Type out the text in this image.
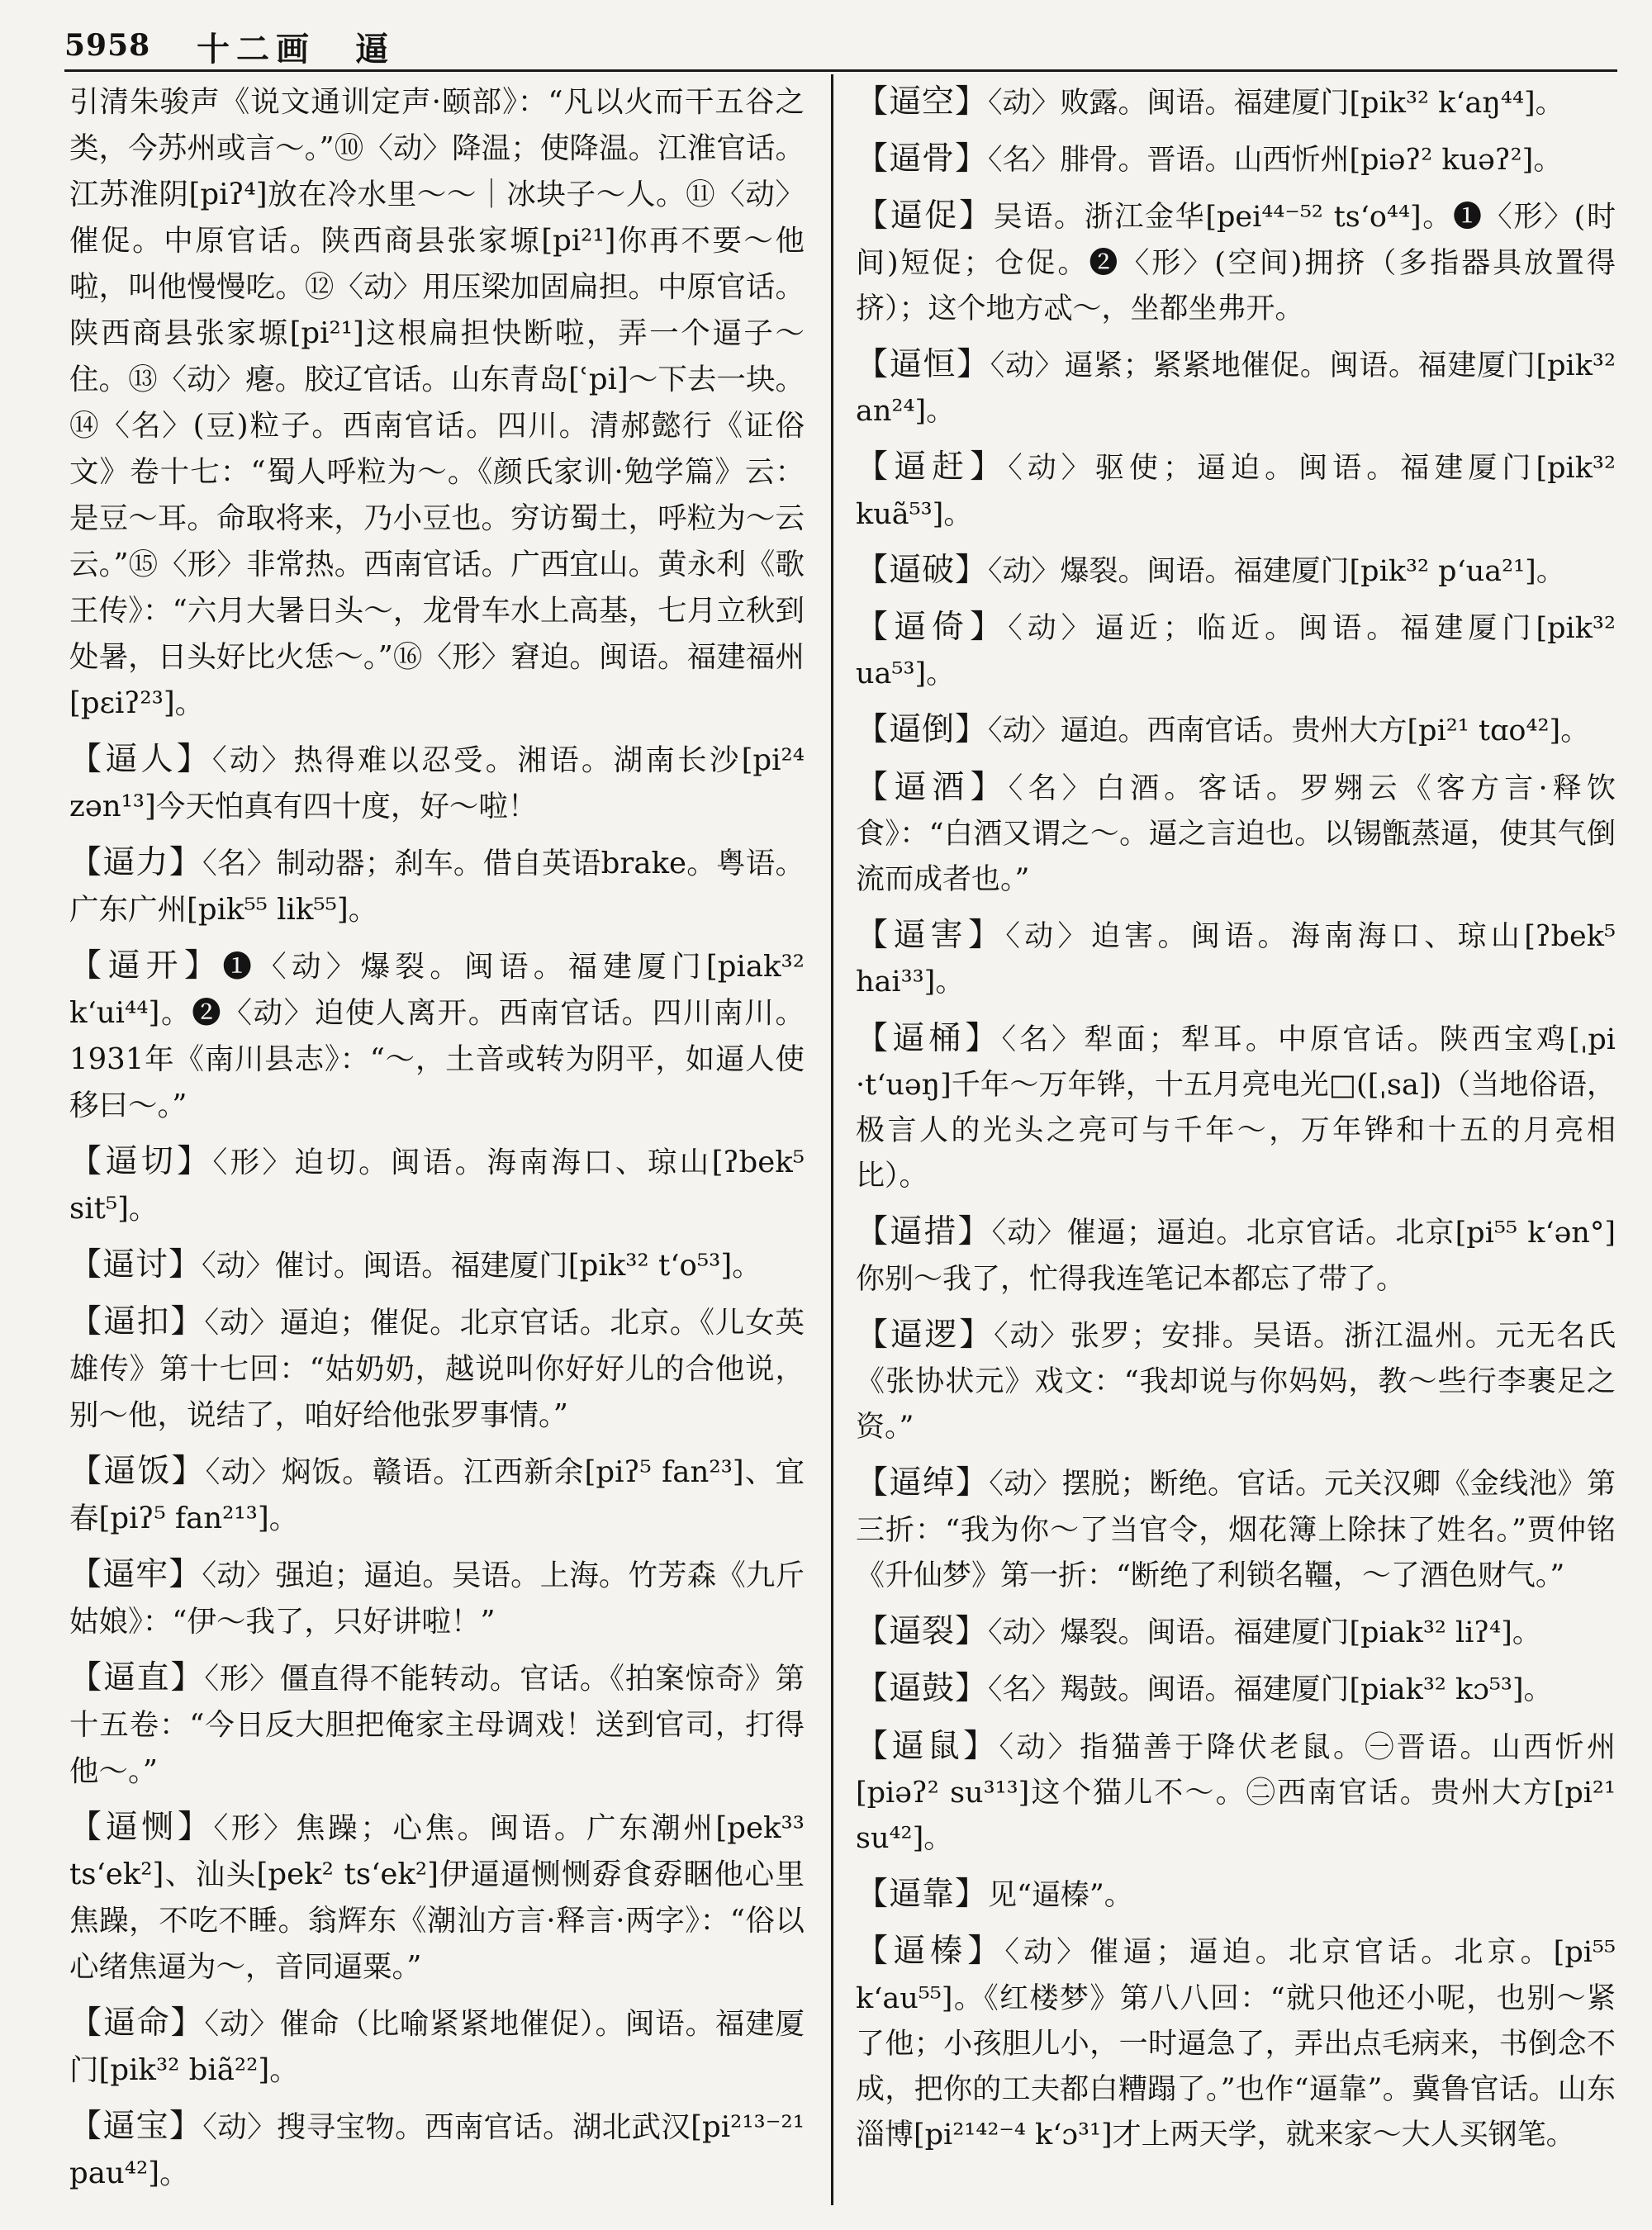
5958 十二画　逼
引清朱骏声《说文通训定声·颐部》：“凡以火而干五谷之类，今苏州或言～。”⑩〈动〉降温；使降温。江淮官话。江苏淮阴[piʔ⁴]放在冷水里～～｜冰块子～人。⑪〈动〉催促。中原官话。陕西商县张家塬[pi²¹]你再不要～他啦，叫他慢慢吃。⑫〈动〉用压梁加固扁担。中原官话。陕西商县张家塬[pi²¹]这根扁担快断啦，弄一个逼子～住。⑬〈动〉瘪。胶辽官话。山东青岛[ʿpi]～下去一块。⑭〈名〉(豆)粒子。西南官话。四川。清郝懿行《证俗文》卷十七：“蜀人呼粒为～。《颜氏家训·勉学篇》云：是豆～耳。命取将来，乃小豆也。穷访蜀土，呼粒为～云云。”⑮〈形〉非常热。西南官话。广西宜山。黄永利《歌王传》：“六月大暑日头～，龙骨车水上高基，七月立秋到处暑，日头好比火恁～。”⑯〈形〉窘迫。闽语。福建福州[pɛiʔ²³]。
【逼人】〈动〉热得难以忍受。湘语。湖南长沙[pi²⁴ zən¹³]今天怕真有四十度，好～啦！
【逼力】〈名〉制动器；刹车。借自英语brake。粤语。广东广州[pik⁵⁵ lik⁵⁵]。
【逼开】❶〈动〉爆裂。闽语。福建厦门[piak³² kʻui⁴⁴]。❷〈动〉迫使人离开。西南官话。四川南川。1931年《南川县志》：“～，土音或转为阴平，如逼人使移曰～。”
【逼切】〈形〉迫切。闽语。海南海口、琼山[ʔbek⁵ sit⁵]。
【逼讨】〈动〉催讨。闽语。福建厦门[pik³² tʻo⁵³]。
【逼扣】〈动〉逼迫；催促。北京官话。北京。《儿女英雄传》第十七回：“姑奶奶，越说叫你好好儿的合他说，别～他，说结了，咱好给他张罗事情。”
【逼饭】〈动〉焖饭。赣语。江西新余[piʔ⁵ fan²³]、宜春[piʔ⁵ fan²¹³]。
【逼牢】〈动〉强迫；逼迫。吴语。上海。竹芳森《九斤姑娘》：“伊～我了，只好讲啦！”
【逼直】〈形〉僵直得不能转动。官话。《拍案惊奇》第十五卷：“今日反大胆把俺家主母调戏！送到官司，打得他～。”
【逼恻】〈形〉焦躁；心焦。闽语。广东潮州[pek³³ tsʻek²]、汕头[pek² tsʻek²]伊逼逼恻恻孬食孬睏他心里焦躁，不吃不睡。翁辉东《潮汕方言·释言·两字》：“俗以心绪焦逼为～，音同逼粟。”
【逼命】〈动〉催命（比喻紧紧地催促）。闽语。福建厦门[pik³² biã²²]。
【逼宝】〈动〉搜寻宝物。西南官话。湖北武汉[pi²¹³⁻²¹ pau⁴²]。
【逼空】〈动〉败露。闽语。福建厦门[pik³² kʻaŋ⁴⁴]。
【逼骨】〈名〉腓骨。晋语。山西忻州[piəʔ² kuəʔ²]。
【逼促】吴语。浙江金华[pei⁴⁴⁻⁵² tsʻo⁴⁴]。❶〈形〉(时间)短促；仓促。❷〈形〉(空间)拥挤（多指器具放置得挤）；这个地方忒～，坐都坐弗开。
【逼恒】〈动〉逼紧；紧紧地催促。闽语。福建厦门[pik³² an²⁴]。
【逼赶】〈动〉驱使；逼迫。闽语。福建厦门[pik³² kuã⁵³]。
【逼破】〈动〉爆裂。闽语。福建厦门[pik³² pʻua²¹]。
【逼倚】〈动〉逼近；临近。闽语。福建厦门[pik³² ua⁵³]。
【逼倒】〈动〉逼迫。西南官话。贵州大方[pi²¹ tɑo⁴²]。
【逼酒】〈名〉白酒。客话。罗翙云《客方言·释饮食》：“白酒又谓之～。逼之言迫也。以锡甑蒸逼，使其气倒流而成者也。”
【逼害】〈动〉迫害。闽语。海南海口、琼山[ʔbek⁵ hai³³]。
【逼桶】〈名〉犁面；犁耳。中原官话。陕西宝鸡[ˌpi ·tʻuəŋ]千年～万年铧，十五月亮电光□([ˌsa])（当地俗语，极言人的光头之亮可与千年～，万年铧和十五的月亮相比）。
【逼措】〈动〉催逼；逼迫。北京官话。北京[pi⁵⁵ kʻən°]你别～我了，忙得我连笔记本都忘了带了。
【逼逻】〈动〉张罗；安排。吴语。浙江温州。元无名氏《张协状元》戏文：“我却说与你妈妈，教～些行李裹足之资。”
【逼绰】〈动〉摆脱；断绝。官话。元关汉卿《金线池》第三折：“我为你～了当官令，烟花簿上除抹了姓名。”贾仲铭《升仙梦》第一折：“断绝了利锁名韁，～了酒色财气。”
【逼裂】〈动〉爆裂。闽语。福建厦门[piak³² liʔ⁴]。
【逼鼓】〈名〉羯鼓。闽语。福建厦门[piak³² kɔ⁵³]。
【逼鼠】〈动〉指猫善于降伏老鼠。㊀晋语。山西忻州[piəʔ² su³¹³]这个猫儿不～。㊁西南官话。贵州大方[pi²¹ su⁴²]。
【逼靠】见“逼榛”。
【逼榛】〈动〉催逼；逼迫。北京官话。北京。[pi⁵⁵ kʻau⁵⁵]。《红楼梦》第八八回：“就只他还小呢，也别～紧了他；小孩胆儿小，一时逼急了，弄出点毛病来，书倒念不成，把你的工夫都白糟蹋了。”也作“逼靠”。冀鲁官话。山东淄博[pi²¹⁴²⁻⁴ kʻɔ³¹]才上两天学，就来家～大人买钢笔。
